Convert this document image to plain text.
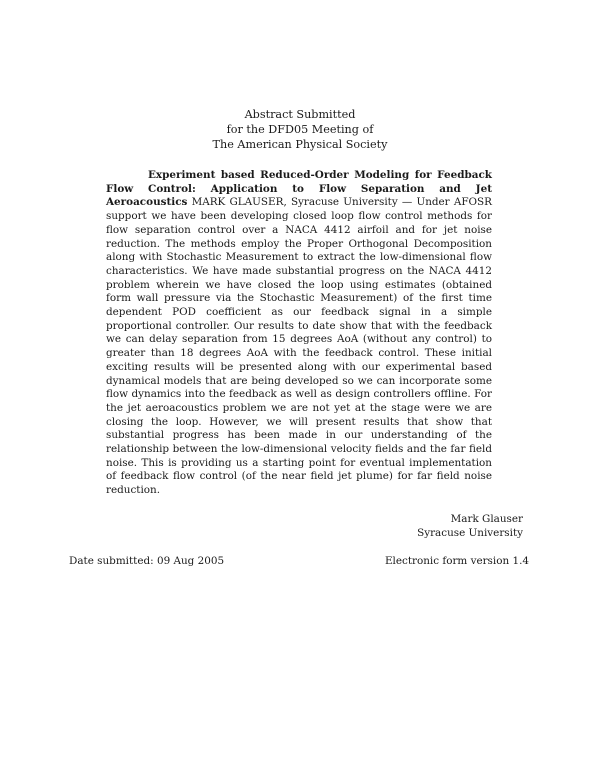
Abstract Submitted
for the DFD05 Meeting of
The American Physical Society

Experiment based Reduced-Order Modeling for Feedback Flow Control: Application to Flow Separation and Jet Aeroacoustics MARK GLAUSER, Syracuse University — Under AFOSR support we have been developing closed loop flow control methods for flow separation control over a NACA 4412 airfoil and for jet noise reduction. The methods employ the Proper Orthogonal Decomposition along with Stochastic Measurement to extract the low-dimensional flow characteristics. We have made substantial progress on the NACA 4412 problem wherein we have closed the loop using estimates (obtained form wall pressure via the Stochastic Measurement) of the first time dependent POD coefficient as our feedback signal in a simple proportional controller. Our results to date show that with the feedback we can delay separation from 15 degrees AoA (without any control) to greater than 18 degrees AoA with the feedback control. These initial exciting results will be presented along with our experimental based dynamical models that are being developed so we can incorporate some flow dynamics into the feedback as well as design controllers offline. For the jet aeroacoustics problem we are not yet at the stage were we are closing the loop. However, we will present results that show that substantial progress has been made in our understanding of the relationship between the low-dimensional velocity fields and the far field noise. This is providing us a starting point for eventual implementation of feedback flow control (of the near field jet plume) for far field noise reduction.

Mark Glauser
Syracuse University
Date submitted: 09 Aug 2005	Electronic form version 1.4
